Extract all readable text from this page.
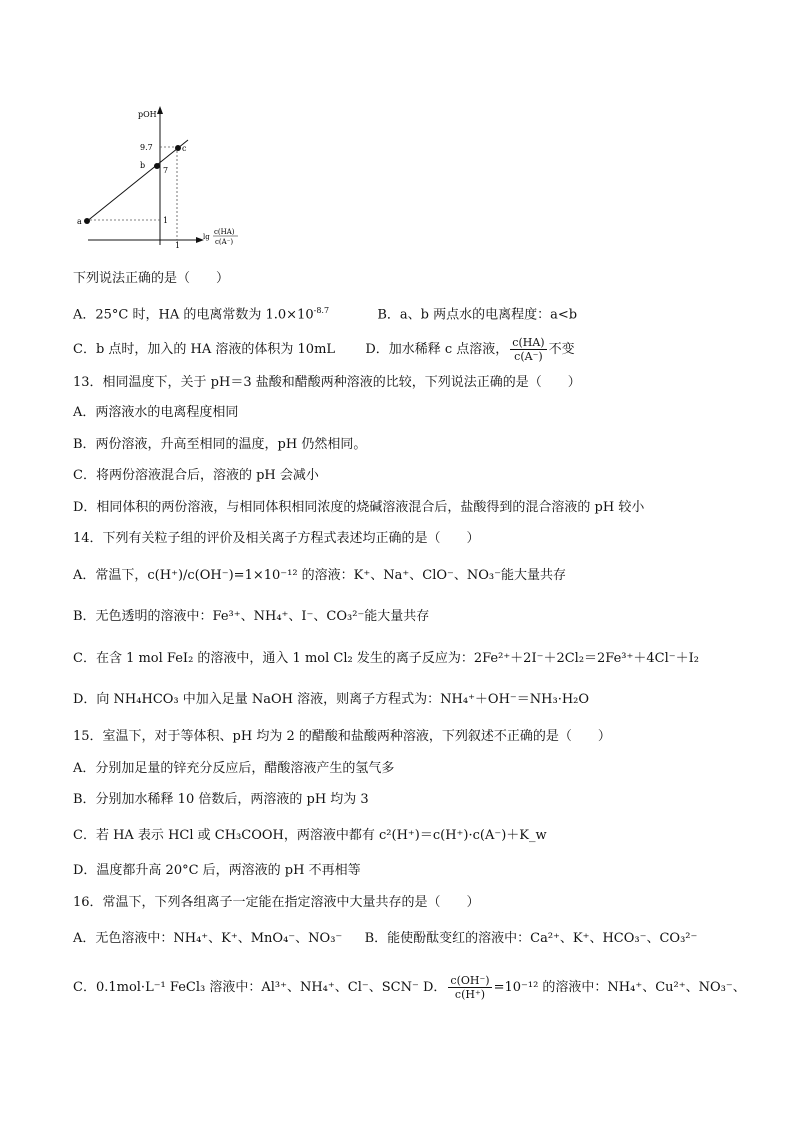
pOH
9.7
7
1
1
a
b
c
lg
c(HA)
c(A⁻)
下列说法正确的是（　　）
A．25°C 时，HA 的电离常数为 $1.0\times 10^{-8.7}$	B．a、b 两点水的电离程度：a<b
C．b 点时，加入的 HA 溶液的体积为 10mL D．加水稀释 c 点溶液， $\frac{c(HA)}{c(A^-)}$ 不变
13．相同温度下，关于 pH＝3 盐酸和醋酸两种溶液的比较，下列说法正确的是（　　）
A．两溶液水的电离程度相同
B．两份溶液，升高至相同的温度，pH 仍然相同。
C．将两份溶液混合后，溶液的 pH 会减小
D．相同体积的两份溶液，与相同体积相同浓度的烧碱溶液混合后，盐酸得到的混合溶液的 pH 较小
14．下列有关粒子组的评价及相关离子方程式表述均正确的是（　　）
A．常温下，c(H⁺)/c(OH⁻)=1×10⁻¹² 的溶液：K⁺、Na⁺、ClO⁻、NO₃⁻能大量共存
B．无色透明的溶液中：Fe³⁺、NH₄⁺、I⁻、CO₃²⁻能大量共存
C．在含 1 mol FeI₂ 的溶液中，通入 1 mol Cl₂ 发生的离子反应为：2Fe²⁺＋2I⁻＋2Cl₂＝2Fe³⁺＋4Cl⁻＋I₂
D．向 NH₄HCO₃ 中加入足量 NaOH 溶液，则离子方程式为：NH₄⁺＋OH⁻＝NH₃·H₂O
15．室温下，对于等体积、pH 均为 2 的醋酸和盐酸两种溶液，下列叙述不正确的是（　　）
A．分别加足量的锌充分反应后，醋酸溶液产生的氢气多
B．分别加水稀释 10 倍数后，两溶液的 pH 均为 3
C．若 HA 表示 HCl 或 CH₃COOH，两溶液中都有 c²(H⁺)＝c(H⁺)·c(A⁻)＋K_w
D．温度都升高 20°C 后，两溶液的 pH 不再相等
16．常温下，下列各组离子一定能在指定溶液中大量共存的是（　　）
A．无色溶液中：NH₄⁺、K⁺、MnO₄⁻、NO₃⁻ B．能使酚酞变红的溶液中：Ca²⁺、K⁺、HCO₃⁻、CO₃²⁻
C．0.1mol·L⁻¹ FeCl₃ 溶液中：Al³⁺、NH₄⁺、Cl⁻、SCN⁻ D． $\frac{c(OH^-)}{c(H^+)} =10^{-12}$ 的溶液中：NH₄⁺、Cu²⁺、NO₃⁻、
